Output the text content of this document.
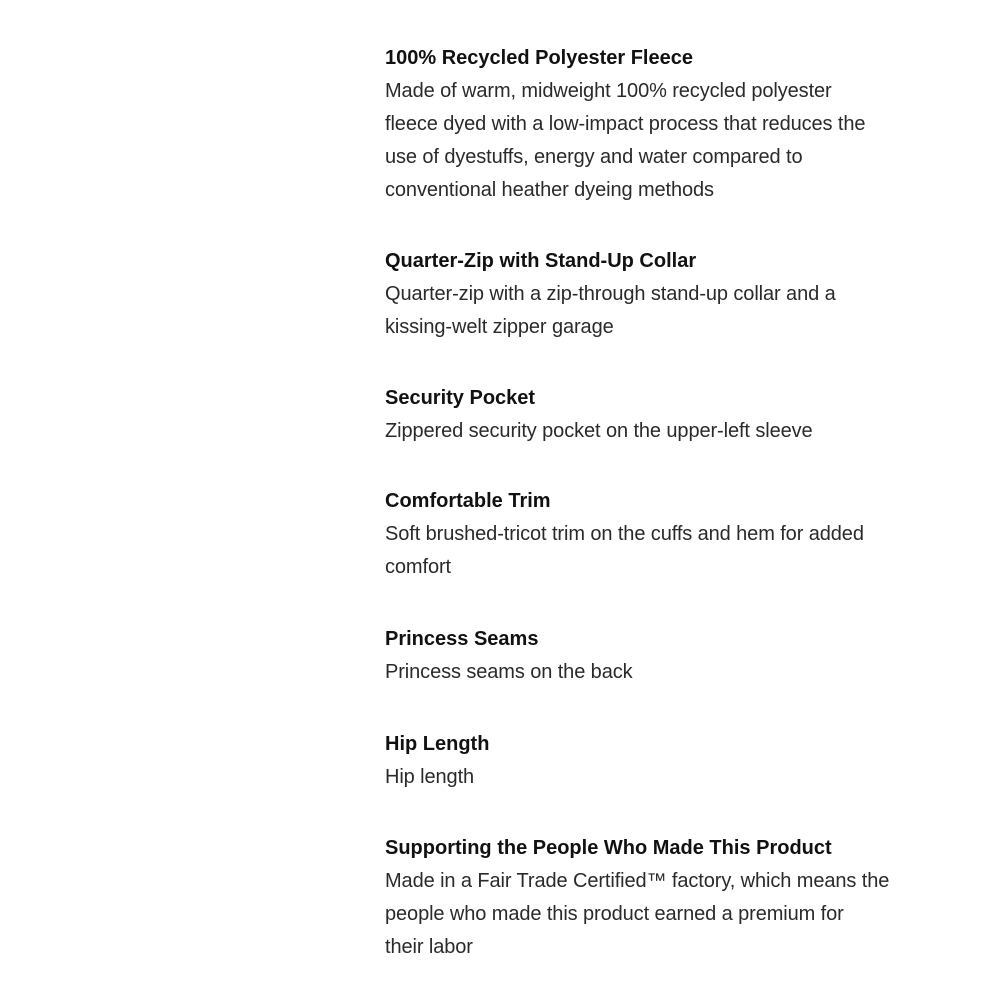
100% Recycled Polyester Fleece
Made of warm, midweight 100% recycled polyester
fleece dyed with a low-impact process that reduces the
use of dyestuffs, energy and water compared to
conventional heather dyeing methods
Quarter-Zip with Stand-Up Collar
Quarter-zip with a zip-through stand-up collar and a
kissing-welt zipper garage
Security Pocket
Zippered security pocket on the upper-left sleeve
Comfortable Trim
Soft brushed-tricot trim on the cuffs and hem for added
comfort
Princess Seams
Princess seams on the back
Hip Length
Hip length
Supporting the People Who Made This Product
Made in a Fair Trade Certified™ factory, which means the
people who made this product earned a premium for
their labor
